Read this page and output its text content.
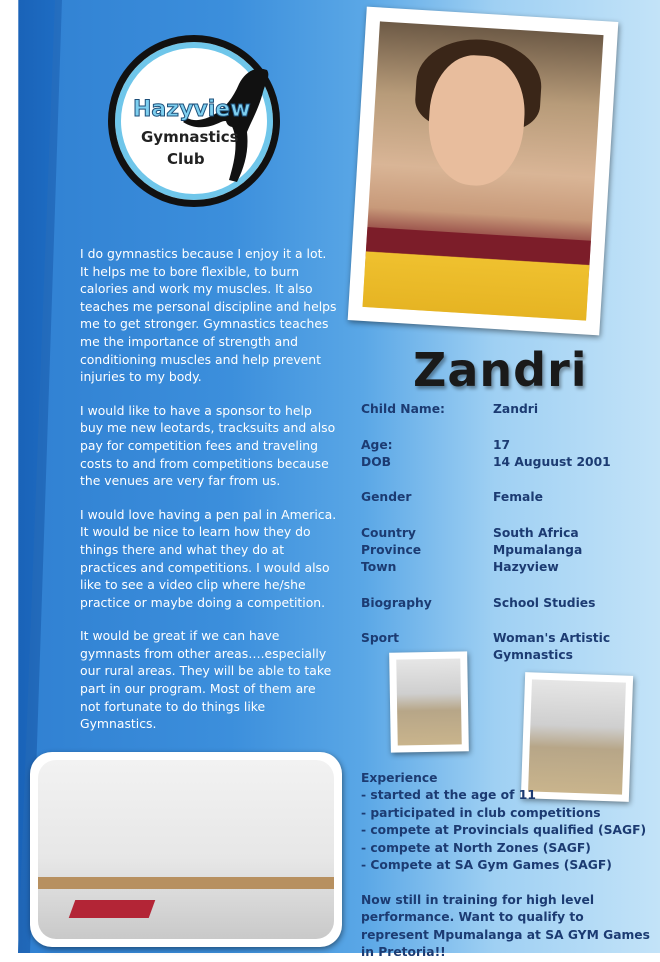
Hazyview
Gymnastics
Club

I do gymnastics because I enjoy it a lot. It helps me to bore flexible, to burn calories and work my muscles. It also teaches me personal discipline and helps me to get stronger. Gymnastics teaches me the importance of strength and conditioning muscles and help prevent injuries to my body.

I would like to have a sponsor to help buy me new leotards, tracksuits and also pay for competition fees and traveling costs to and from competitions because the venues are very far from us.

I would love having a pen pal in America. It would be nice to learn how they do things there and what they do at practices and competitions. I would also like to see a video clip where he/she practice or maybe doing a competition.

It would be great if we can have gymnasts from other areas….especially our rural areas. They will be able to take part in our program. Most of them are not fortunate to do things like Gymnastics.

Zandri
Child Name:	Zandri
Age:	17
DOB	14 Auguust 2001
Gender	Female
Country	South Africa
Province	Mpumalanga
Town	Hazyview
Biography	School Studies
Sport	Woman's Artistic
Gymnastics
Experience
- started at the age of 11
- participated in club competitions
- compete at Provincials qualified (SAGF)
- compete at North Zones (SAGF)
- Compete at SA Gym Games (SAGF)
Now still in training for high level performance. Want to qualify to represent Mpumalanga at SA GYM Games in Pretoria!!
